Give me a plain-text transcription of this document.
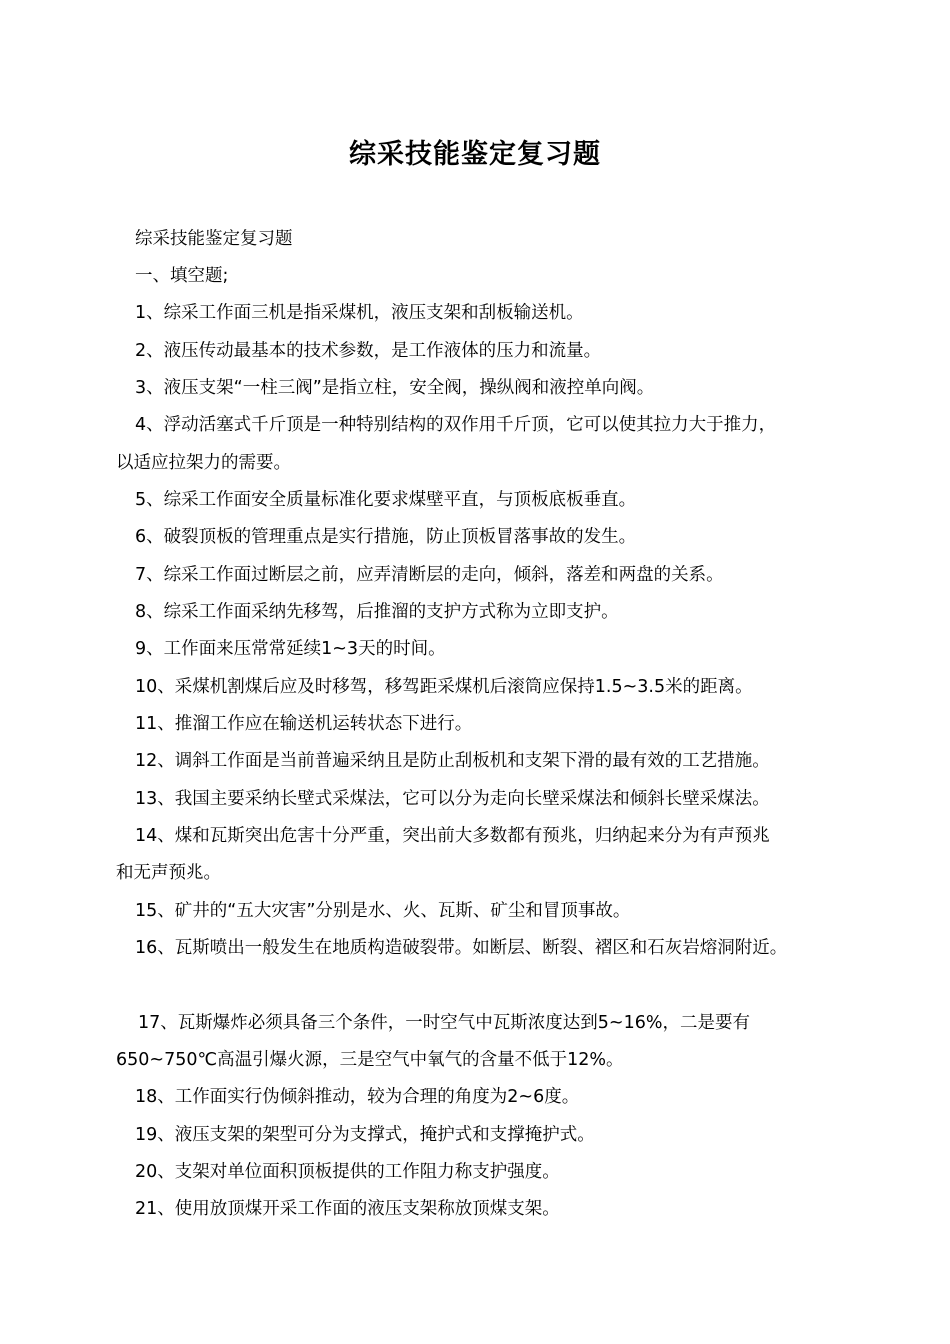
综采技能鉴定复习题
综采技能鉴定复习题
一、填空题;
1、综采工作面三机是指采煤机，液压支架和刮板输送机。
2、液压传动最基本的技术参数，是工作液体的压力和流量。
3、液压支架“一柱三阀”是指立柱，安全阀，操纵阀和液控单向阀。
4、浮动活塞式千斤顶是一种特别结构的双作用千斤顶，它可以使其拉力大于推力，
以适应拉架力的需要。
5、综采工作面安全质量标准化要求煤壁平直，与顶板底板垂直。
6、破裂顶板的管理重点是实行措施，防止顶板冒落事故的发生。
7、综采工作面过断层之前，应弄清断层的走向，倾斜，落差和两盘的关系。
8、综采工作面采纳先移驾，后推溜的支护方式称为立即支护。
9、工作面来压常常延续1~3天的时间。
10、采煤机割煤后应及时移驾，移驾距采煤机后滚筒应保持1.5~3.5米的距离。
11、推溜工作应在输送机运转状态下进行。
12、调斜工作面是当前普遍采纳且是防止刮板机和支架下滑的最有效的工艺措施。
13、我国主要采纳长壁式采煤法，它可以分为走向长壁采煤法和倾斜长壁采煤法。
14、煤和瓦斯突出危害十分严重，突出前大多数都有预兆，归纳起来分为有声预兆
和无声预兆。
15、矿井的“五大灾害”分别是水、火、瓦斯、矿尘和冒顶事故。
16、瓦斯喷出一般发生在地质构造破裂带。如断层、断裂、褶区和石灰岩熔洞附近。
17、瓦斯爆炸必须具备三个条件，一时空气中瓦斯浓度达到5~16%，二是要有
650~750℃高温引爆火源，三是空气中氧气的含量不低于12%。
18、工作面实行伪倾斜推动，较为合理的角度为2~6度。
19、液压支架的架型可分为支撑式，掩护式和支撑掩护式。
20、支架对单位面积顶板提供的工作阻力称支护强度。
21、使用放顶煤开采工作面的液压支架称放顶煤支架。
